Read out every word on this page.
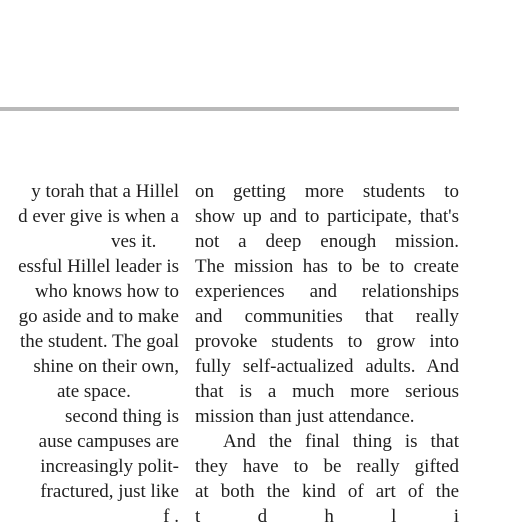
y torah that a Hillel
d ever give is when a
ves it.
essful Hillel leader is
who knows how to
go aside and to make
the student. The goal
shine on their own,
ate space.
second thing is
ause campuses are
increasingly polit-
fractured, just like
f .
on getting more students to
show up and to participate, that's
not a deep enough mission.
The mission has to be to create
experiences and relationships
and communities that really
provoke students to grow into
fully self-actualized adults. And
that is a much more serious
mission than just attendance.
And the final thing is that
they have to be really gifted
at both the kind of art of the
t d h l i
